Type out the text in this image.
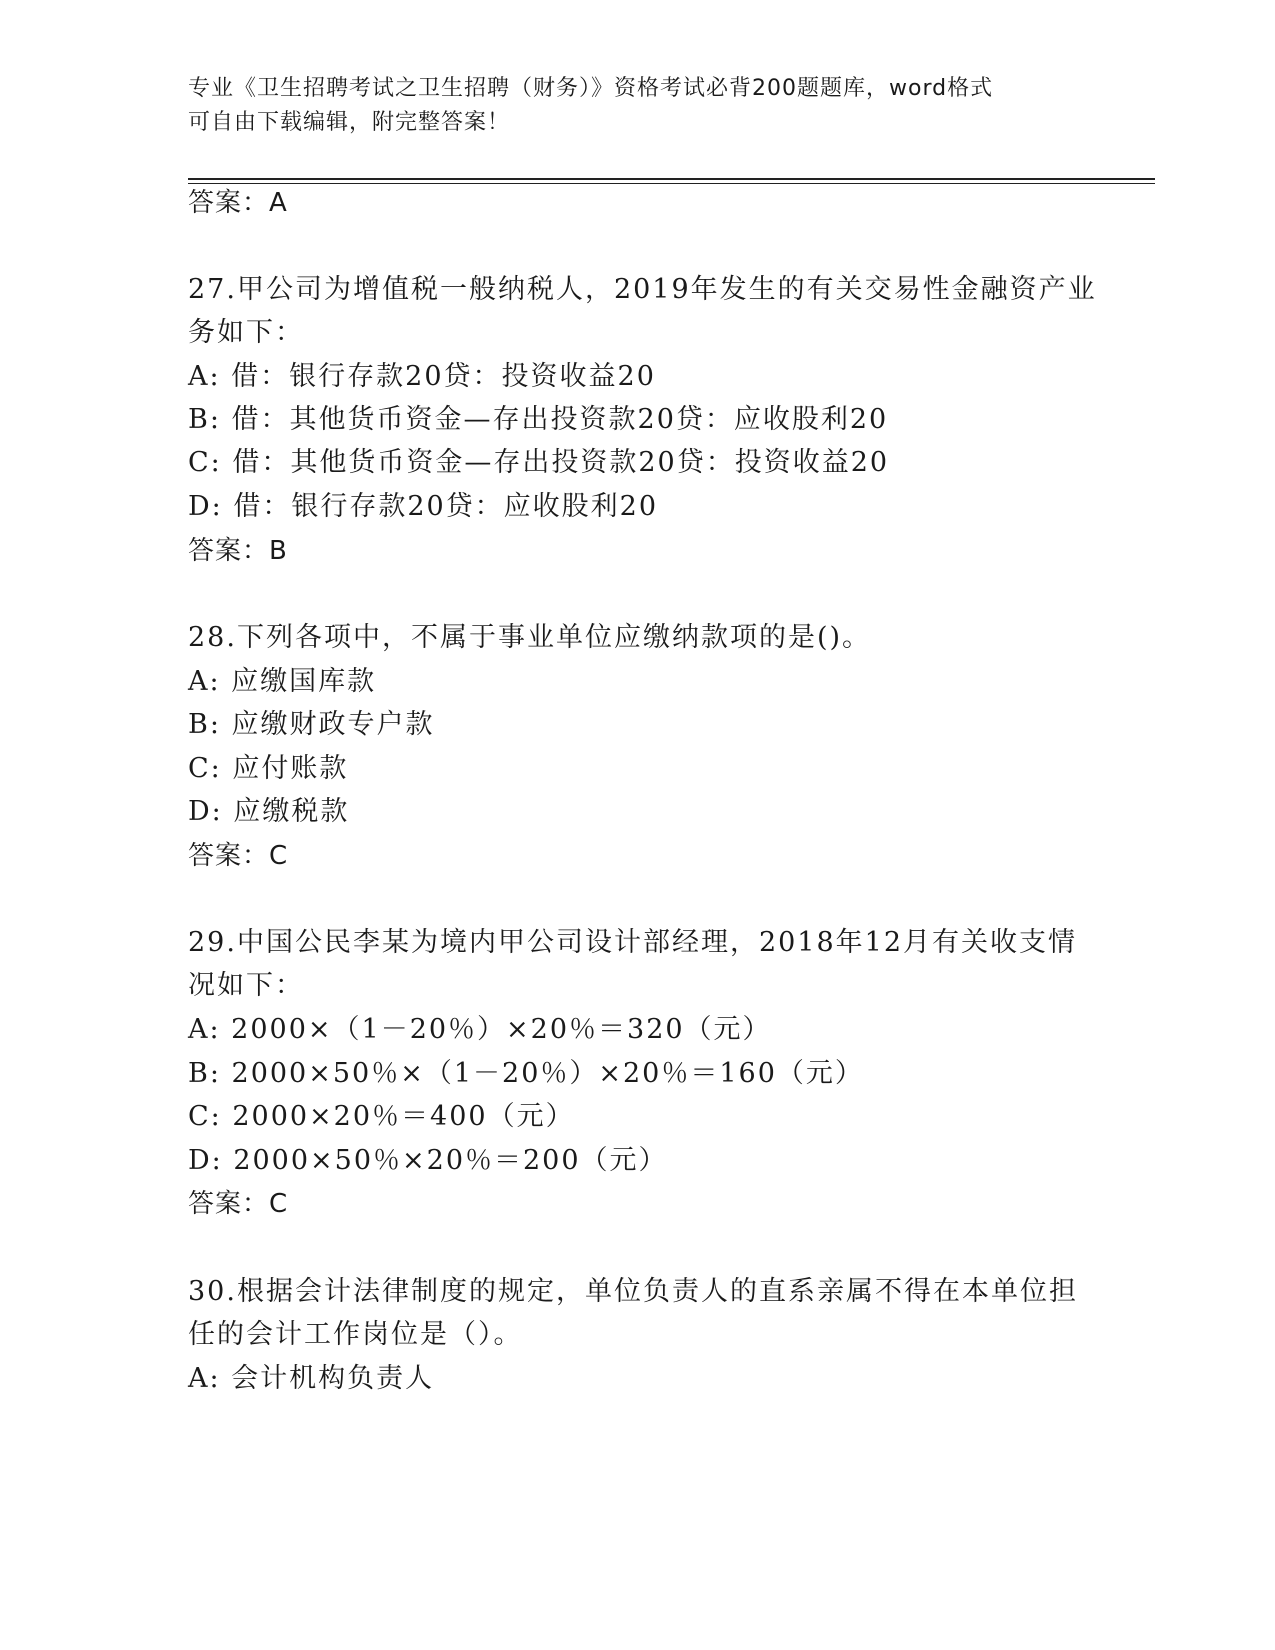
专业《卫生招聘考试之卫生招聘（财务）》资格考试必背200题题库，word格式
可自由下载编辑，附完整答案！
答案：A
27.甲公司为增值税一般纳税人，2019年发生的有关交易性金融资产业
务如下：
A: 借：银行存款20贷：投资收益20
B: 借：其他货币资金—存出投资款20贷：应收股利20
C: 借：其他货币资金—存出投资款20贷：投资收益20
D: 借：银行存款20贷：应收股利20
答案：B
28.下列各项中，不属于事业单位应缴纳款项的是()。
A: 应缴国库款
B: 应缴财政专户款
C: 应付账款
D: 应缴税款
答案：C
29.中国公民李某为境内甲公司设计部经理，2018年12月有关收支情
况如下：
A: 2000×（1－20％）×20％＝320（元）
B: 2000×50％×（1－20％）×20％＝160（元）
C: 2000×20％＝400（元）
D: 2000×50％×20％＝200（元）
答案：C
30.根据会计法律制度的规定，单位负责人的直系亲属不得在本单位担
任的会计工作岗位是（）。
A: 会计机构负责人
